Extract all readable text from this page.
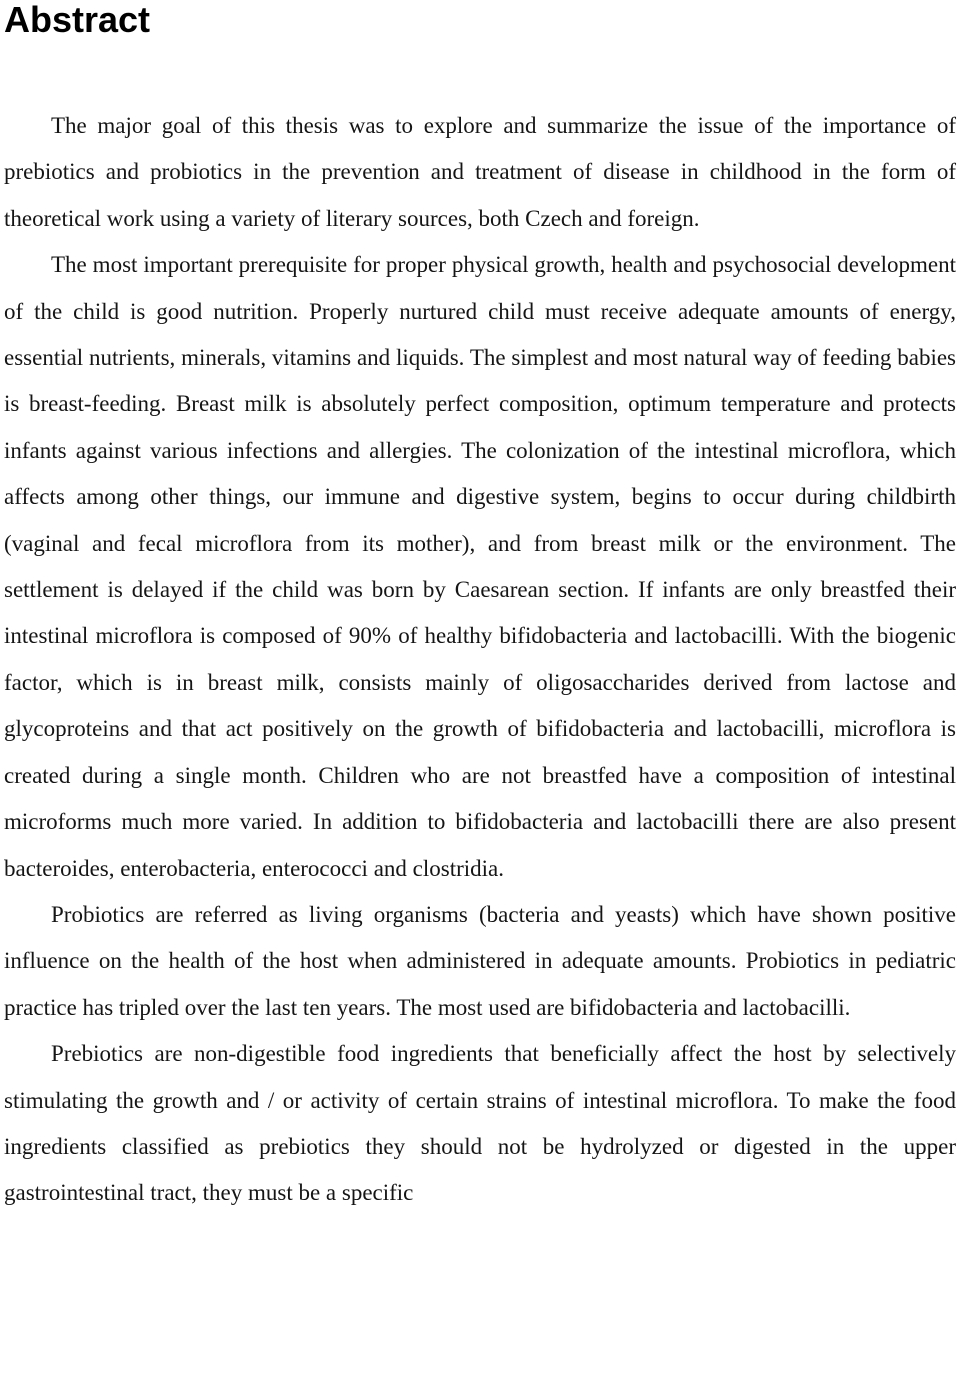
Abstract

The major goal of this thesis was to explore and summarize the issue of the importance of prebiotics and probiotics in the prevention and treatment of disease in childhood in the form of theoretical work using a variety of literary sources, both Czech and foreign.

The most important prerequisite for proper physical growth, health and psychosocial development of the child is good nutrition. Properly nurtured child must receive adequate amounts of energy, essential nutrients, minerals, vitamins and liquids. The simplest and most natural way of feeding babies is breast-feeding. Breast milk is absolutely perfect composition, optimum temperature and protects infants against various infections and allergies. The colonization of the intestinal microflora, which affects among other things, our immune and digestive system, begins to occur during childbirth (vaginal and fecal microflora from its mother), and from breast milk or the environment. The settlement is delayed if the child was born by Caesarean section. If infants are only breastfed their intestinal microflora is composed of 90% of healthy bifidobacteria and lactobacilli. With the biogenic factor, which is in breast milk, consists mainly of oligosaccharides derived from lactose and glycoproteins and that act positively on the growth of bifidobacteria and lactobacilli, microflora is created during a single month. Children who are not breastfed have a composition of intestinal microforms much more varied. In addition to bifidobacteria and lactobacilli there are also present bacteroides, enterobacteria, enterococci and clostridia.

Probiotics are referred as living organisms (bacteria and yeasts) which have shown positive influence on the health of the host when administered in adequate amounts. Probiotics in pediatric practice has tripled over the last ten years. The most used are bifidobacteria and lactobacilli.

Prebiotics are non-digestible food ingredients that beneficially affect the host by selectively stimulating the growth and / or activity of certain strains of intestinal microflora. To make the food ingredients classified as prebiotics they should not be hydrolyzed or digested in the upper gastrointestinal tract, they must be a specific
